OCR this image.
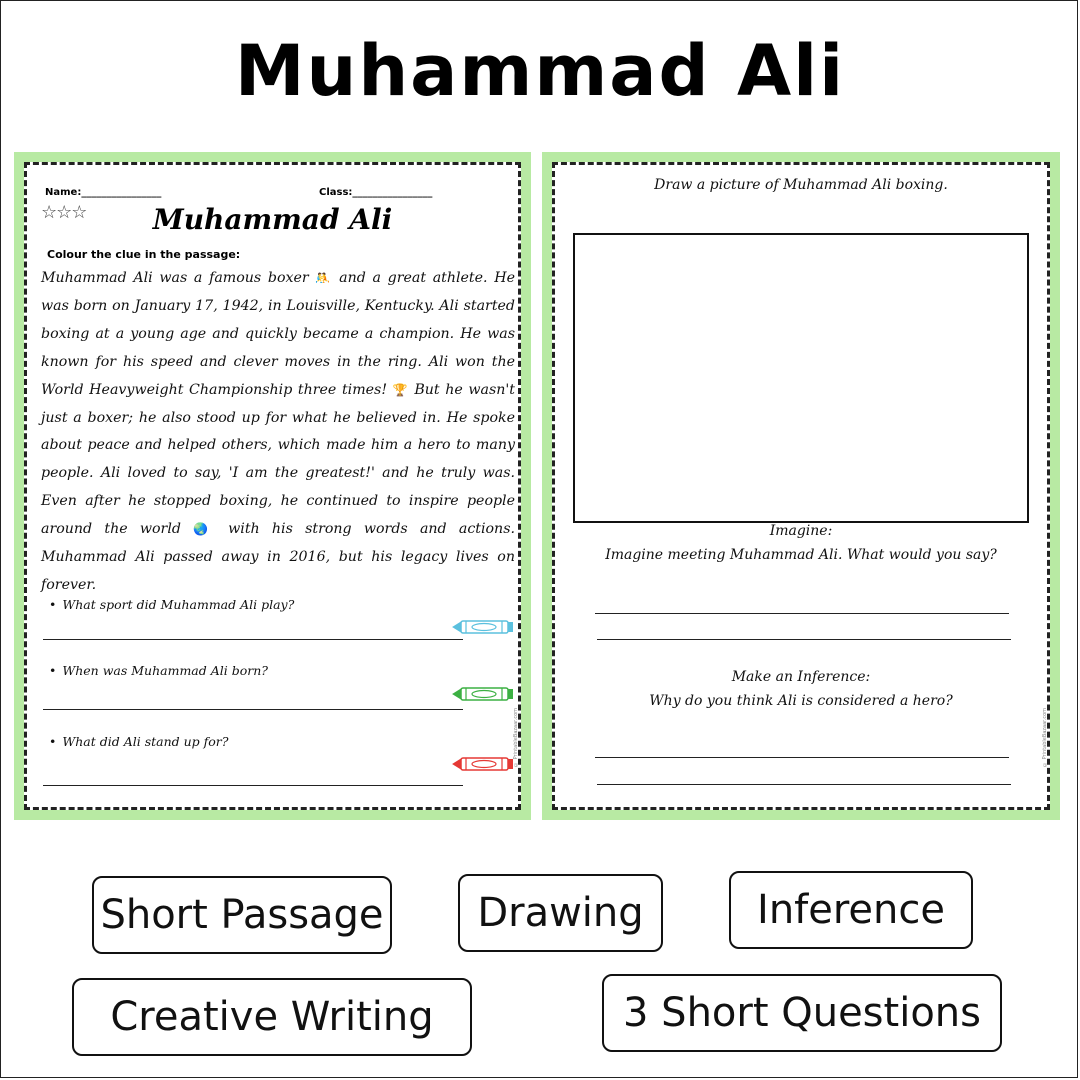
Muhammad Ali
Name:________________	Class:________________
☆☆☆	Muhammad Ali
Colour the clue in the passage:
Muhammad Ali was a famous boxer 🤼 and a great athlete. He was born on January 17, 1942, in Louisville, Kentucky. Ali started boxing at a young age and quickly became a champion. He was known for his speed and clever moves in the ring. Ali won the World Heavyweight Championship three times! 🏆 But he wasn't just a boxer; he also stood up for what he believed in. He spoke about peace and helped others, which made him a hero to many people. Ali loved to say, 'I am the greatest!' and he truly was. Even after he stopped boxing, he continued to inspire people around the world 🌏 with his strong words and actions. Muhammad Ali passed away in 2016, but his legacy lives on forever.
• What sport did Muhammad Ali play?
• When was Muhammad Ali born?
• What did Ali stand up for?	© PrintableBazaar.com
Draw a picture of Muhammad Ali boxing.
Imagine:
Imagine meeting Muhammad Ali. What would you say?
Make an Inference:
Why do you think Ali is considered a hero?
© PrintableBazaar.com
Short Passage	Drawing	Inference
Creative Writing	3 Short Questions
